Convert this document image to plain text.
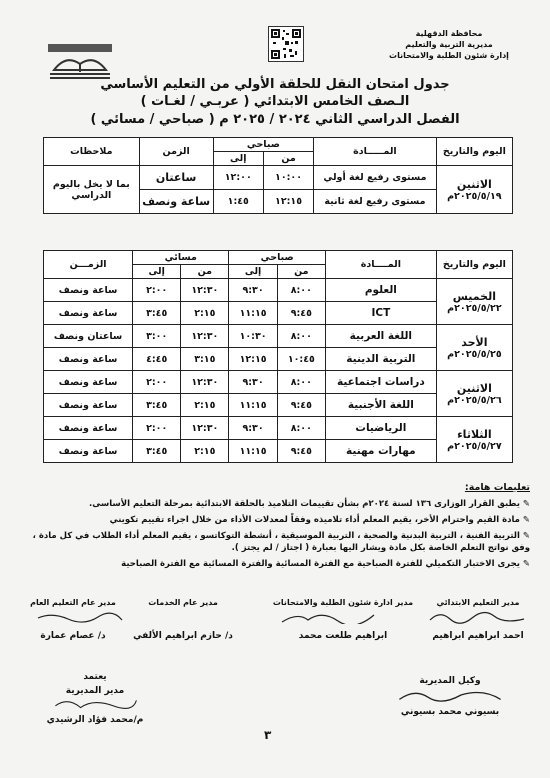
محافظة الدقهلية
مديرية التربية والتعليم
إدارة شئون الطلبة والامتحانات
جدول امتحان النقل للحلقة الأولي من التعليم الأساسي
الـصف الخامس الابتدائي ( عربـي / لغـات )
الفصل الدراسي الثاني ٢٠٢٤ / ٢٠٢٥ م ( صباحي / مسائي )
اليوم والتاريخ	المـــــادة	صباحي		الزمن	ملاحظات
		من	إلى		

الاثنين
٢٠٢٥/٥/١٩م	مستوى رفيع لغة أولي	١٠:٠٠	١٢:٠٠	ساعتان	بما لا يخل باليوم الدراسي
	مستوى رفيع لغة ثانية	١٢:١٥	١:٤٥	ساعة ونصف	
اليوم والتاريخ	المــــادة	صباحي		مسائي		الزمـــن
		من	إلى	من	إلى	

الخميس
٢٠٢٥/٥/٢٢م	العلوم	٨:٠٠	٩:٣٠	١٢:٣٠	٢:٠٠	ساعة ونصف
	ICT	٩:٤٥	١١:١٥	٢:١٥	٣:٤٥	ساعة ونصف

الأحد
٢٠٢٥/٥/٢٥م	اللغة العربية	٨:٠٠	١٠:٣٠	١٢:٣٠	٣:٠٠	ساعتان ونصف
	التربية الدينية	١٠:٤٥	١٢:١٥	٣:١٥	٤:٤٥	ساعة ونصف

الاثنين
٢٠٢٥/٥/٢٦م	دراسات اجتماعية	٨:٠٠	٩:٣٠	١٢:٣٠	٢:٠٠	ساعة ونصف
	اللغة الأجنبية	٩:٤٥	١١:١٥	٢:١٥	٣:٤٥	ساعة ونصف

الثلاثاء
٢٠٢٥/٥/٢٧م	الرياضيات	٨:٠٠	٩:٣٠	١٢:٣٠	٢:٠٠	ساعة ونصف
	مهارات مهنية	٩:٤٥	١١:١٥	٢:١٥	٣:٤٥	ساعة ونصف
تعليمات هامة:
✎ يطبق القرار الوزارى ١٣٦ لسنة ٢٠٢٤م بشأن تقييمات التلاميذ بالحلقة الابتدائية بمرحلة التعليم الأساسى.
✎ مادة القيم واحترام الأخر، يقيم المعلم أداء تلاميذه وفقاً لمعدلات الأداء من خلال اجراء تقييم تكويني
✎ التربية الفنية ، التربية البدنية والصحية ، التربية الموسيقية ، أنشطة التوكاتسو ، يقيم المعلم أداء الطلاب في كل مادة ، وفق نواتج التعلم الخاصة بكل مادة ويشار اليها بعبارة ( اجتاز / لم يجتز ).
✎ يجرى الاختبار التكميلي للفترة الصباحية مع الفترة المسائية والفترة المسائية مع الفترة الصباحية
مدير التعليم الابتدائي
احمد ابراهيم ابراهيم
مدير ادارة شئون الطلبة والامتحانات
ابراهيم طلعت محمد
مدير عام الخدمات
د/ حازم ابراهيم الألفي
مدير عام التعليم العام
د/ عصام عمارة
يعتمد
مدير المديرية
م/محمد فؤاد الرشيدي
وكيل المديرية
بسيوني محمد بسيوني
٣
